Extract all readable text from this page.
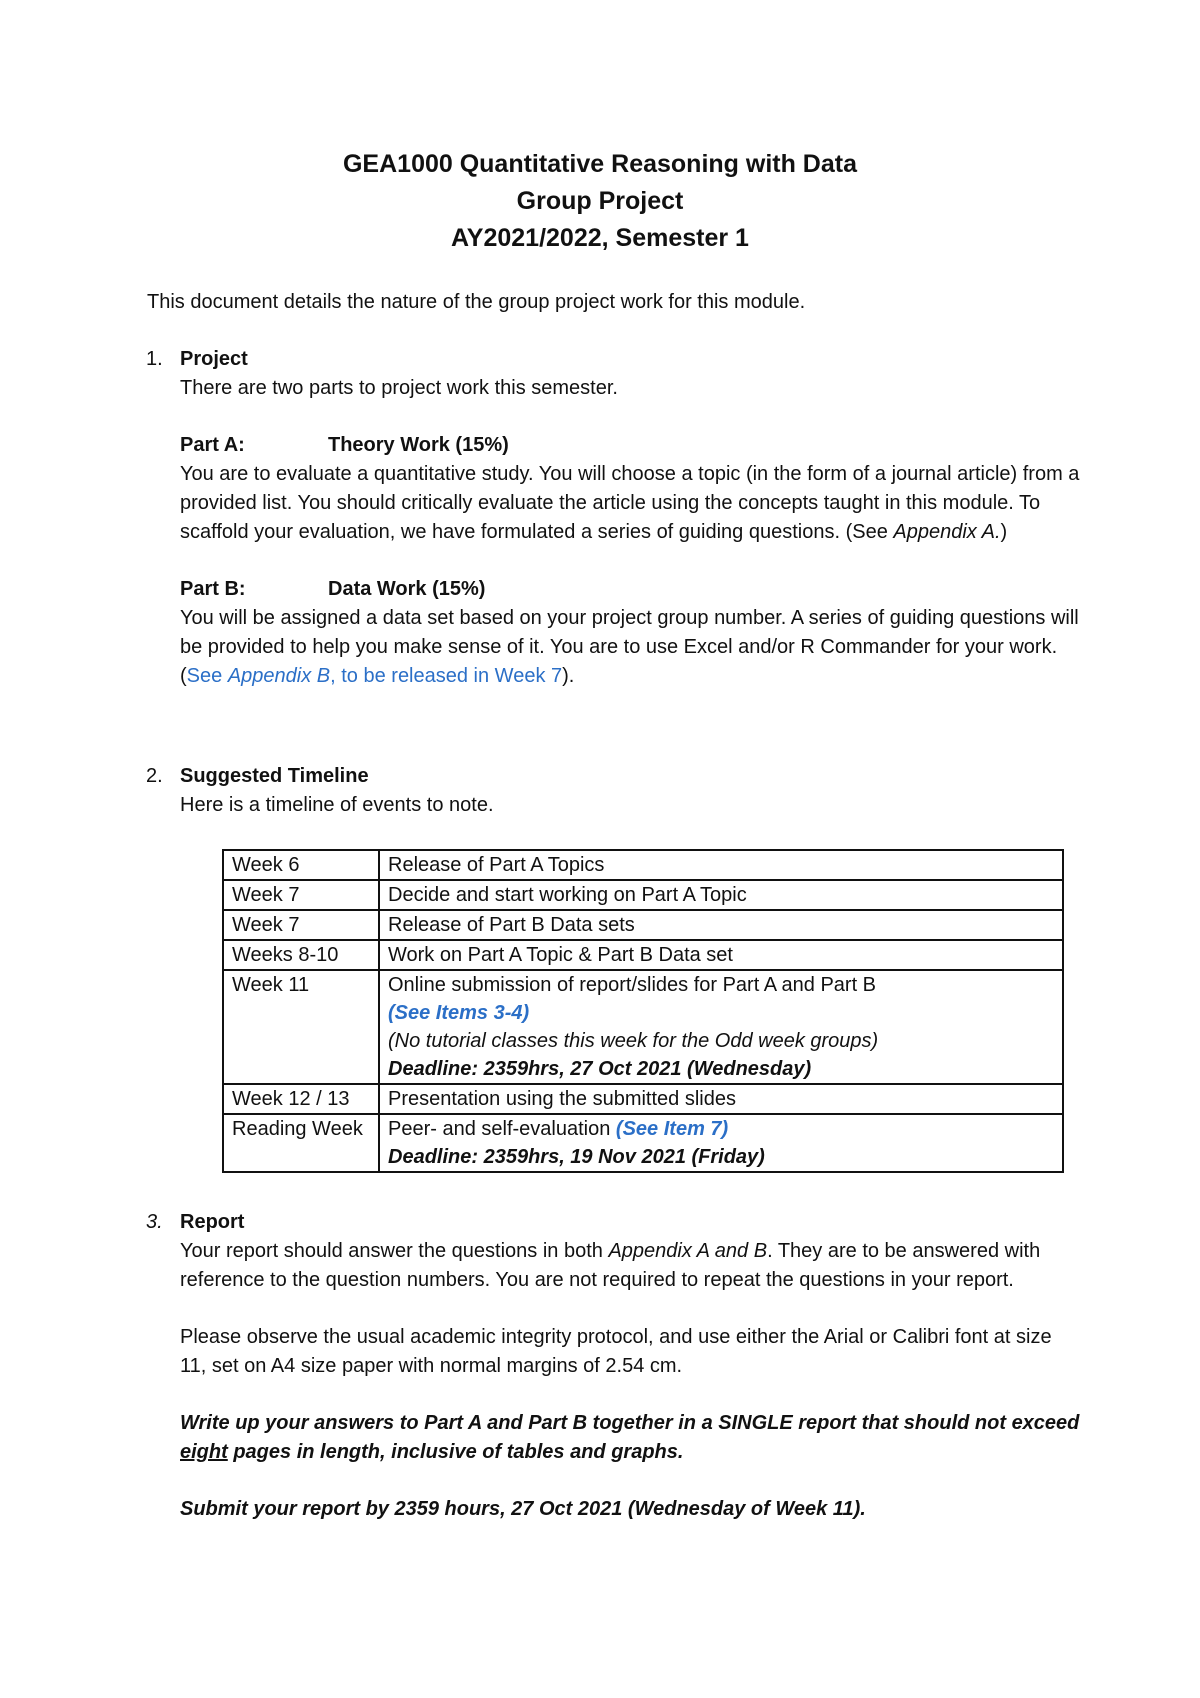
GEA1000 Quantitative Reasoning with Data
Group Project
AY2021/2022, Semester 1

This document details the nature of the group project work for this module.

1. Project

There are two parts to project work this semester.

Part A:	Theory Work (15%)

You are to evaluate a quantitative study. You will choose a topic (in the form of a journal article) from a provided list. You should critically evaluate the article using the concepts taught in this module. To scaffold your evaluation, we have formulated a series of guiding questions. (See Appendix A.)

Part B:	Data Work (15%)

You will be assigned a data set based on your project group number. A series of guiding questions will be provided to help you make sense of it. You are to use Excel and/or R Commander for your work. (See Appendix B, to be released in Week 7).

2. Suggested Timeline

Here is a timeline of events to note.

Week 6	Release of Part A Topics
Week 7	Decide and start working on Part A Topic
Week 7	Release of Part B Data sets
Weeks 8-10	Work on Part A Topic & Part B Data set
Week 11	Online submission of report/slides for Part A and Part B
(See Items 3-4)
(No tutorial classes this week for the Odd week groups)
Deadline: 2359hrs, 27 Oct 2021 (Wednesday)

Week 12 / 13	Presentation using the submitted slides
Reading Week	Peer- and self-evaluation (See Item 7)
Deadline: 2359hrs, 19 Nov 2021 (Friday)
3. Report

Your report should answer the questions in both Appendix A and B. They are to be answered with reference to the question numbers. You are not required to repeat the questions in your report.

Please observe the usual academic integrity protocol, and use either the Arial or Calibri font at size 11, set on A4 size paper with normal margins of 2.54 cm.

Write up your answers to Part A and Part B together in a SINGLE report that should not exceed eight pages in length, inclusive of tables and graphs.

Submit your report by 2359 hours, 27 Oct 2021 (Wednesday of Week 11).
